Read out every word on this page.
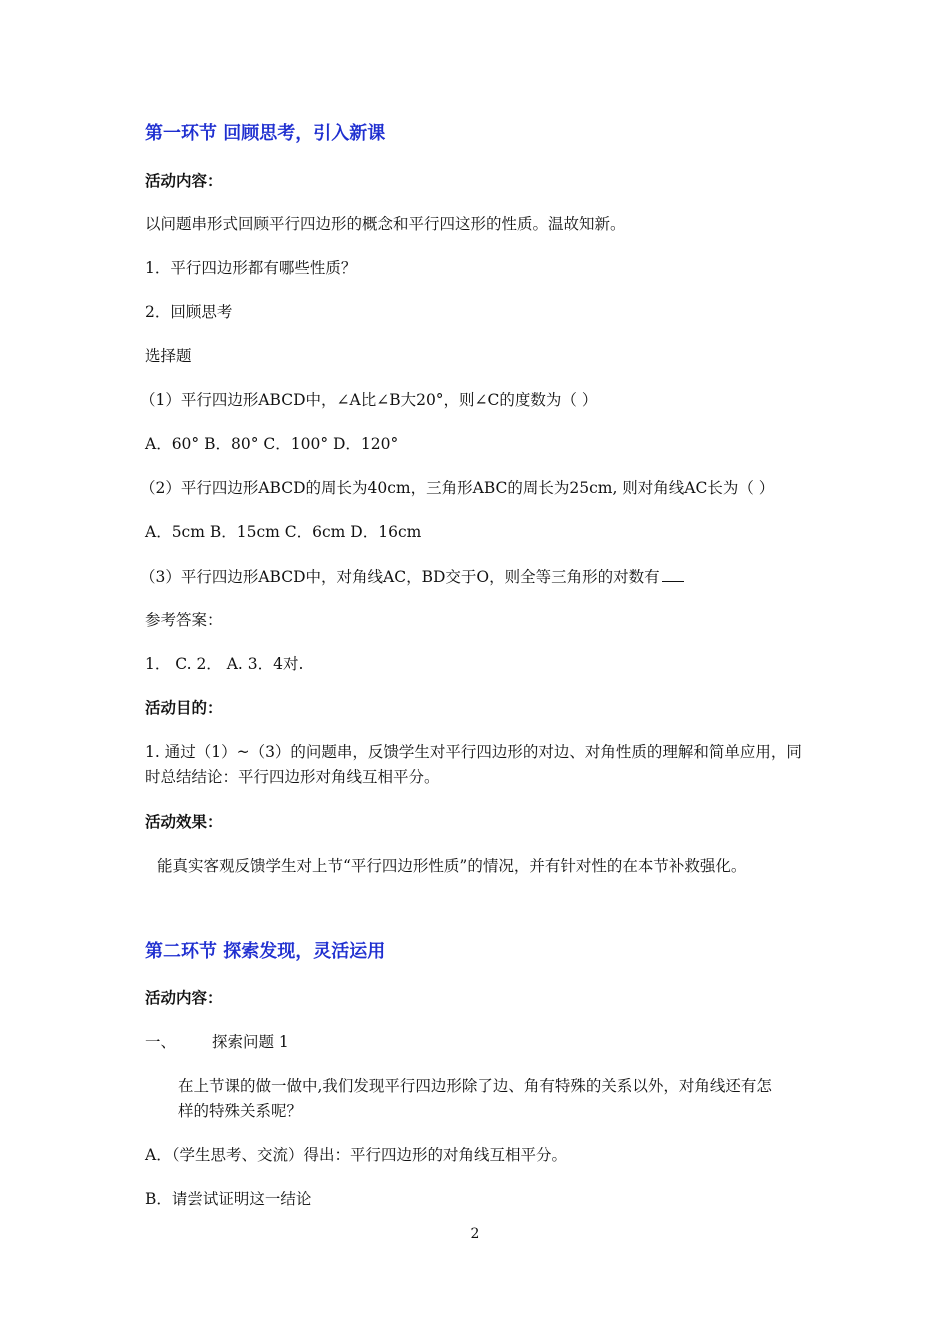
第一环节 回顾思考，引入新课
活动内容：
以问题串形式回顾平行四边形的概念和平行四这形的性质。温故知新。
1．平行四边形都有哪些性质？
2．回顾思考
选择题
（1）平行四边形ABCD中，∠A比∠B大20°，则∠C的度数为（ ）
A．60° B．80° C．100° D．120°
（2）平行四边形ABCD的周长为40cm，三角形ABC的周长为25cm, 则对角线AC长为（ ）
A．5cm B．15cm C．6cm D．16cm
（3）平行四边形ABCD中，对角线AC，BD交于O，则全等三角形的对数有
参考答案：
1． C. 2． A. 3．4对.
活动目的：
1. 通过（1）~（3）的问题串，反馈学生对平行四边形的对边、对角性质的理解和简单应用，同
时总结结论：平行四边形对角线互相平分。
活动效果：
能真实客观反馈学生对上节“平行四边形性质”的情况，并有针对性的在本节补救强化。
第二环节 探索发现，灵活运用
活动内容：
一、 探索问题 1
在上节课的做一做中,我们发现平行四边形除了边、角有特殊的关系以外，对角线还有怎
样的特殊关系呢？
A．（学生思考、交流）得出：平行四边形的对角线互相平分。
B．请尝试证明这一结论
2
